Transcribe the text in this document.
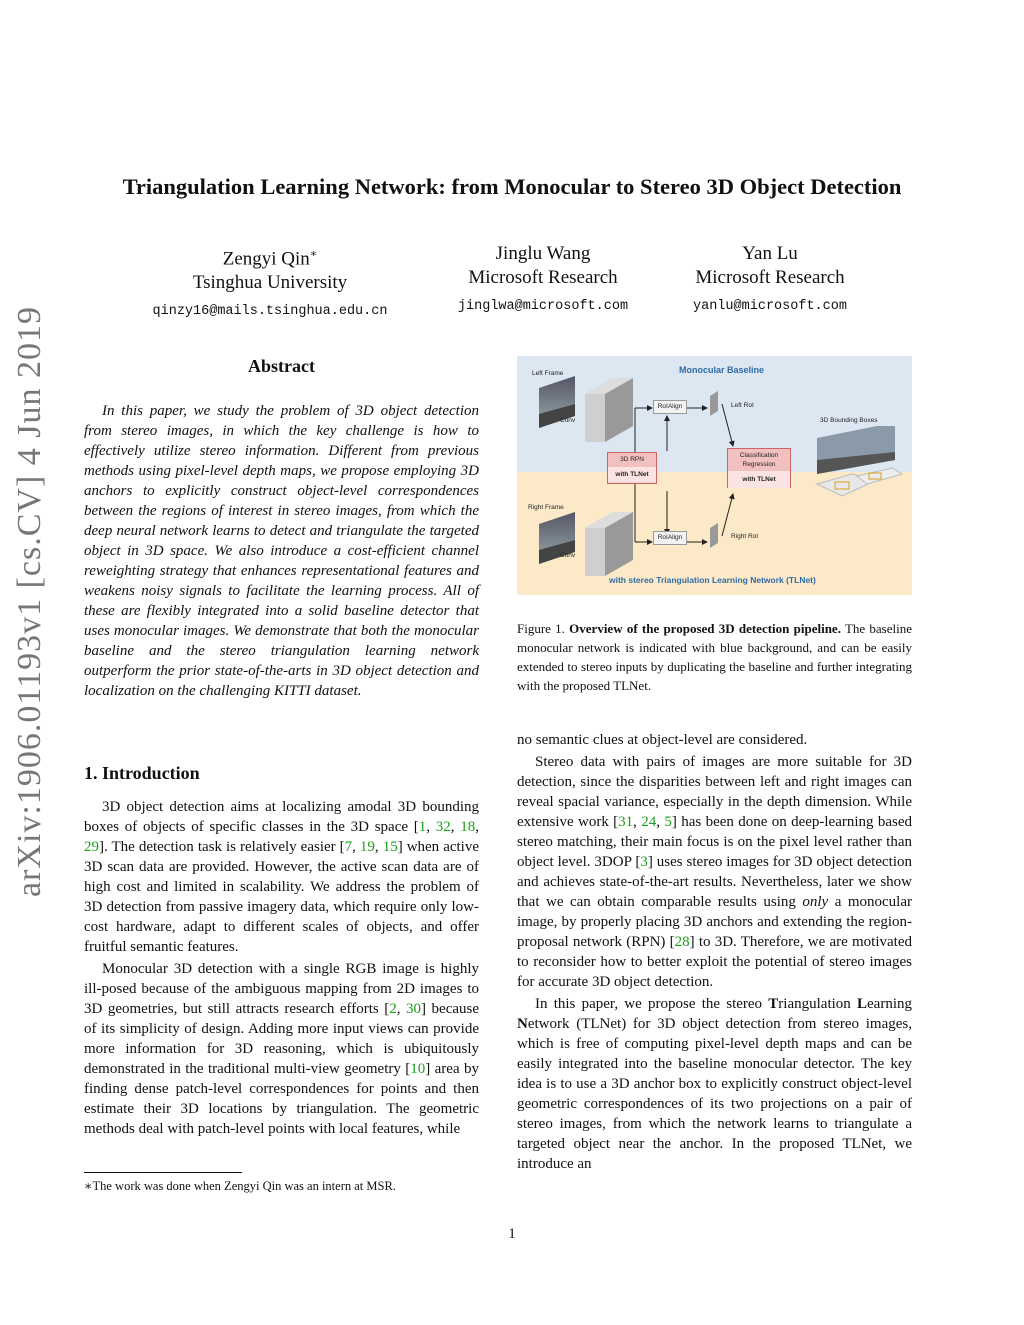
arXiv:1906.01193v1 [cs.CV] 4 Jun 2019
Triangulation Learning Network: from Monocular to Stereo 3D Object Detection
Zengyi Qin∗
Tsinghua University
qinzy16@mails.tsinghua.edu.cn
Jinglu Wang
Microsoft Research
jinglwa@microsoft.com
Yan Lu
Microsoft Research
yanlu@microsoft.com
Abstract

In this paper, we study the problem of 3D object detection from stereo images, in which the key challenge is how to effectively utilize stereo information. Different from previous methods using pixel-level depth maps, we propose employing 3D anchors to explicitly construct object-level correspondences between the regions of interest in stereo images, from which the deep neural network learns to detect and triangulate the targeted object in 3D space. We also introduce a cost-efficient channel reweighting strategy that enhances representational features and weakens noisy signals to facilitate the learning process. All of these are flexibly integrated into a solid baseline detector that uses monocular images. We demonstrate that both the monocular baseline and the stereo triangulation learning network outperform the prior state-of-the-arts in 3D object detection and localization on the challenging KITTI dataset.

1. Introduction

3D object detection aims at localizing amodal 3D bounding boxes of objects of specific classes in the 3D space [1, 32, 18, 29]. The detection task is relatively easier [7, 19, 15] when active 3D scan data are provided. However, the active scan data are of high cost and limited in scalability. We address the problem of 3D detection from passive imagery data, which require only low-cost hardware, adapt to different scales of objects, and offer fruitful semantic features.

Monocular 3D detection with a single RGB image is highly ill-posed because of the ambiguous mapping from 2D images to 3D geometries, but still attracts research efforts [2, 30] because of its simplicity of design. Adding more input views can provide more information for 3D reasoning, which is ubiquitously demonstrated in the traditional multi-view geometry [10] area by finding dense patch-level correspondences for points and then estimate their 3D locations by triangulation. The geometric methods deal with patch-level points with local features, while

Left Frame
Right Frame
Conv
Conv
Monocular Baseline
RoIAlign
RoIAlign
Left RoI
Right RoI
3D RPN
with TLNet
Classification Regression
with TLNet
3D Bounding Boxes
with stereo Triangulation Learning Network (TLNet)
Figure 1. Overview of the proposed 3D detection pipeline. The baseline monocular network is indicated with blue background, and can be easily extended to stereo inputs by duplicating the baseline and further integrating with the proposed TLNet.
no semantic clues at object-level are considered.

Stereo data with pairs of images are more suitable for 3D detection, since the disparities between left and right images can reveal spacial variance, especially in the depth dimension. While extensive work [31, 24, 5] has been done on deep-learning based stereo matching, their main focus is on the pixel level rather than object level. 3DOP [3] uses stereo images for 3D object detection and achieves state-of-the-art results. Nevertheless, later we show that we can obtain comparable results using only a monocular image, by properly placing 3D anchors and extending the region-proposal network (RPN) [28] to 3D. Therefore, we are motivated to reconsider how to better exploit the potential of stereo images for accurate 3D object detection.

In this paper, we propose the stereo Triangulation Learning Network (TLNet) for 3D object detection from stereo images, which is free of computing pixel-level depth maps and can be easily integrated into the baseline monocular detector. The key idea is to use a 3D anchor box to explicitly construct object-level geometric correspondences of its two projections on a pair of stereo images, from which the network learns to triangulate a targeted object near the anchor. In the proposed TLNet, we introduce an

∗The work was done when Zengyi Qin was an intern at MSR.
1
